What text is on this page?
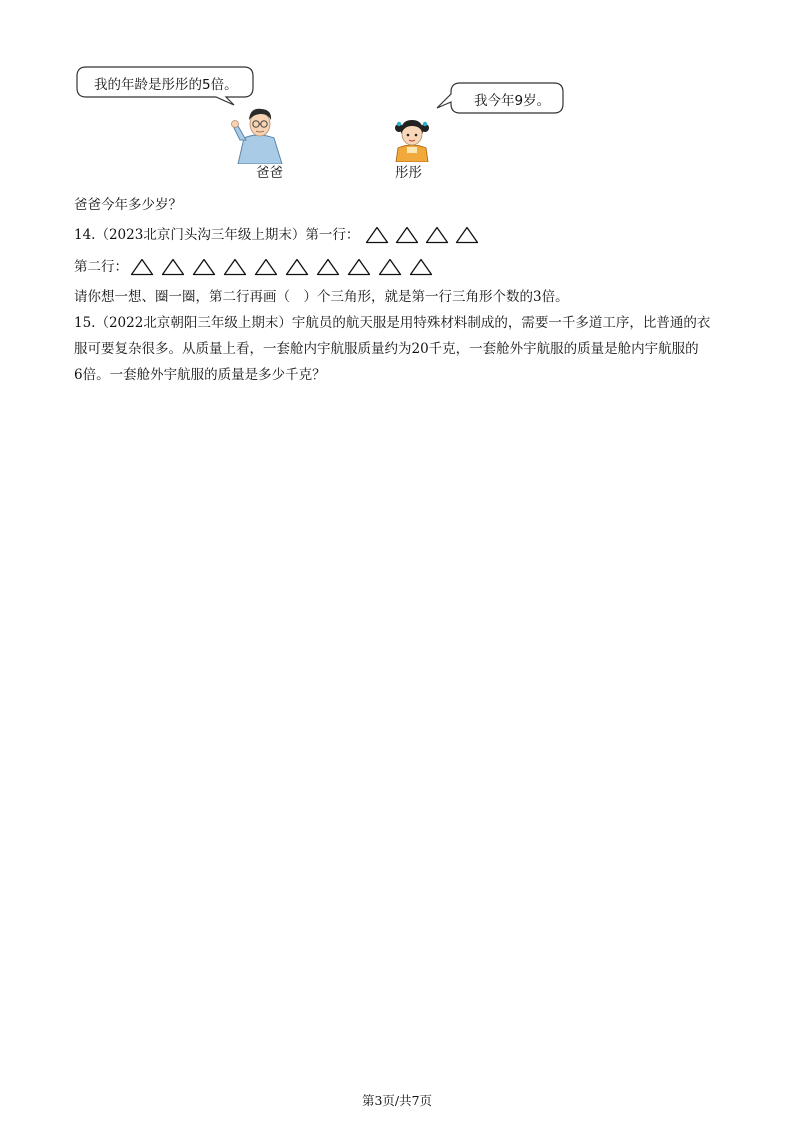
我的年龄是彤彤的5倍。
我今年9岁。
爸爸	彤彤
爸爸今年多少岁？
14.（2023北京门头沟三年级上期末）第一行：
第二行：
请你想一想、圈一圈，第二行再画（　）个三角形，就是第一行三角形个数的3倍。
15.（2022北京朝阳三年级上期末）宇航员的航天服是用特殊材料制成的，需要一千多道工序，比普通的衣
服可要复杂很多。从质量上看，一套舱内宇航服质量约为20千克，一套舱外宇航服的质量是舱内宇航服的
6倍。一套舱外宇航服的质量是多少千克？
第3页/共7页
